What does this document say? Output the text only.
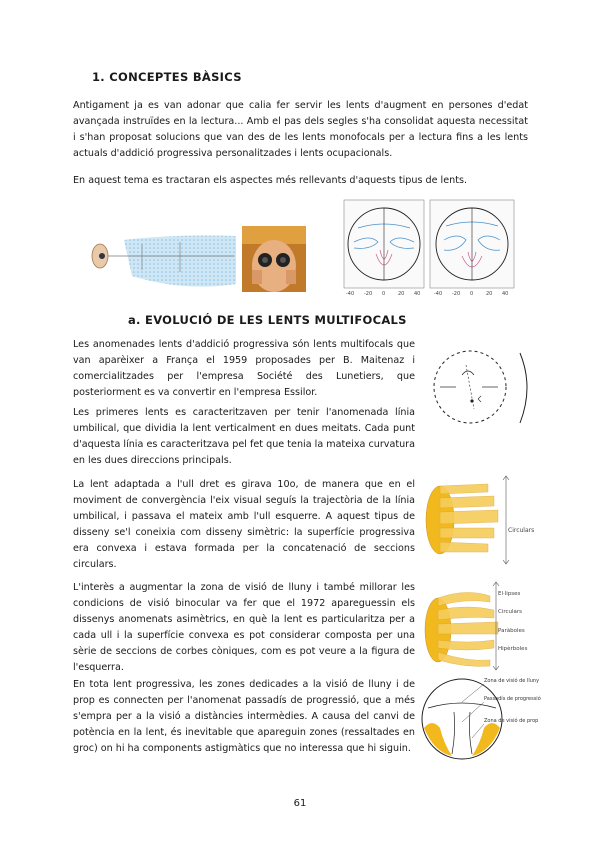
1. CONCEPTES BÀSICS

Antigament ja es van adonar que calia fer servir les lents d'augment en persones d'edat avançada instruïdes en la lectura... Amb el pas dels segles s'ha consolidat aquesta necessitat i s'han proposat solucions que van des de les lents monofocals per a lectura fins a les lents actuals d'addició progressiva personalitzades i lents ocupacionals.

En aquest tema es tractaran els aspectes més rellevants d'aquests tipus de lents.

-40 -20 0	20 40	-40 -20 0	20 40
a. EVOLUCIÓ DE LES LENTS MULTIFOCALS

Les anomenades lents d'addició progressiva són lents multifocals que van aparèixer a França el 1959 proposades per B. Maitenaz i comercialitzades per l'empresa Société des Lunetiers, que posteriorment es va convertir en l'empresa Essilor.

Les primeres lents es caracteritzaven per tenir l'anomenada línia umbilical, que dividia la lent verticalment en dues meitats. Cada punt d'aquesta línia es caracteritzava pel fet que tenia la mateixa curvatura en les dues direccions principals.

La lent adaptada a l'ull dret es girava 10o, de manera que en el moviment de convergència l'eix visual seguís la trajectòria de la línia umbilical, i passava el mateix amb l'ull esquerre. A aquest tipus de disseny se'l coneixia com disseny simètric: la superfície progressiva era convexa i estava formada per la concatenació de seccions circulars.

L'interès a augmentar la zona de visió de lluny i també millorar les condicions de visió binocular va fer que el 1972 apareguessin els dissenys anomenats asimètrics, en què la lent es particularitza per a cada ull i la superfície convexa es pot considerar composta per una sèrie de seccions de corbes còniques, com es pot veure a la figura de l'esquerra.

En tota lent progressiva, les zones dedicades a la visió de lluny i de prop es connecten per l'anomenat passadís de progressió, que a més s'empra per a la visió a distàncies intermèdies. A causa del canvi de potència en la lent, és inevitable que apareguin zones (ressaltades en groc) on hi ha components astigmàtics que no interessa que hi siguin.

Circulars
El·lipses
Circulars
Paràboles
Hipèrboles
Zona de visió de lluny
Passadís de progressió
Zona de visió de prop
61
